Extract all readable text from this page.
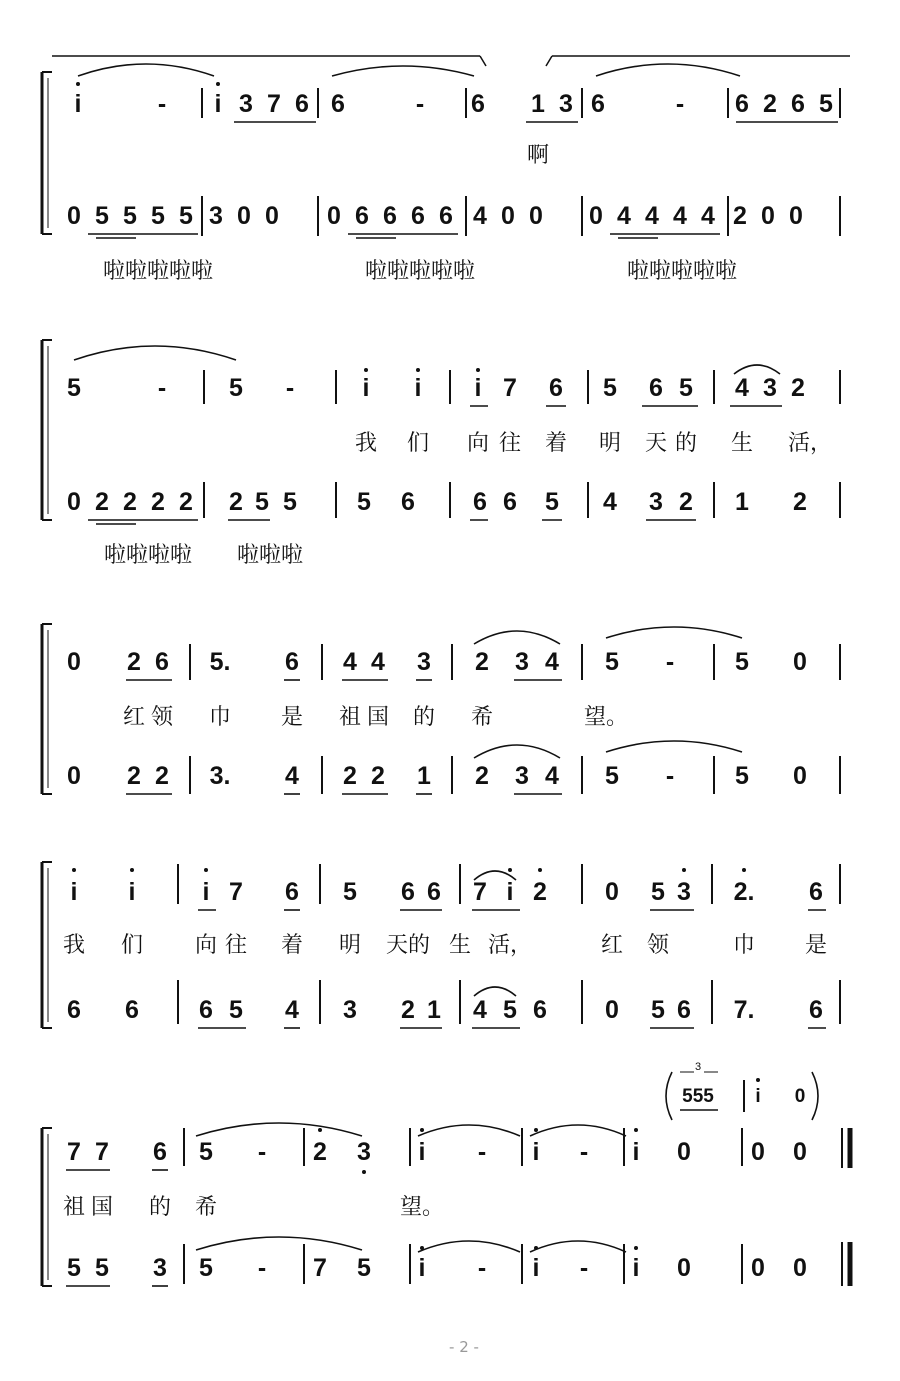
i	- i 3 7 6 6	- 6 1 3 6	- 6 2 6 5
啊
0 5 5 5 5 3 0 0 0 6 6 6 6 4 0 0 0 4 4 4 4 2 0 0
啦啦啦啦啦	啦啦啦啦啦	啦啦啦啦啦
5	-	5 -	i i i 7 6 5 6 5 4 3 2
我 们 向 往 着 明 天 的 生 活，
0 2 2 2 2 2 5 5 5 6 6 6 5 4 3 2 1 2
啦啦啦啦 啦啦啦
0 2 6 5. 6 4 4 3 2 3 4 5 - 5 0
红 领 巾 是 祖 国 的 希	望。
0 2 2 3. 4 2 2 1 2 3 4 5 - 5 0
i i	i 7 6 5 6 6 7 i 2 0 5 3 2. 6
我 们 向 往 着 明 天的 生 活，	红 领	巾 是
6 6 6 5 4 3 2 1 4 5 6 0 5 6 7. 6
3
555 i 0
7 7 6 5 - 2 3 i - i - i 0 0 0
祖 国 的 希	望。
5 5 3 5 - 7 5 i - i - i 0 0 0
- 2 -
